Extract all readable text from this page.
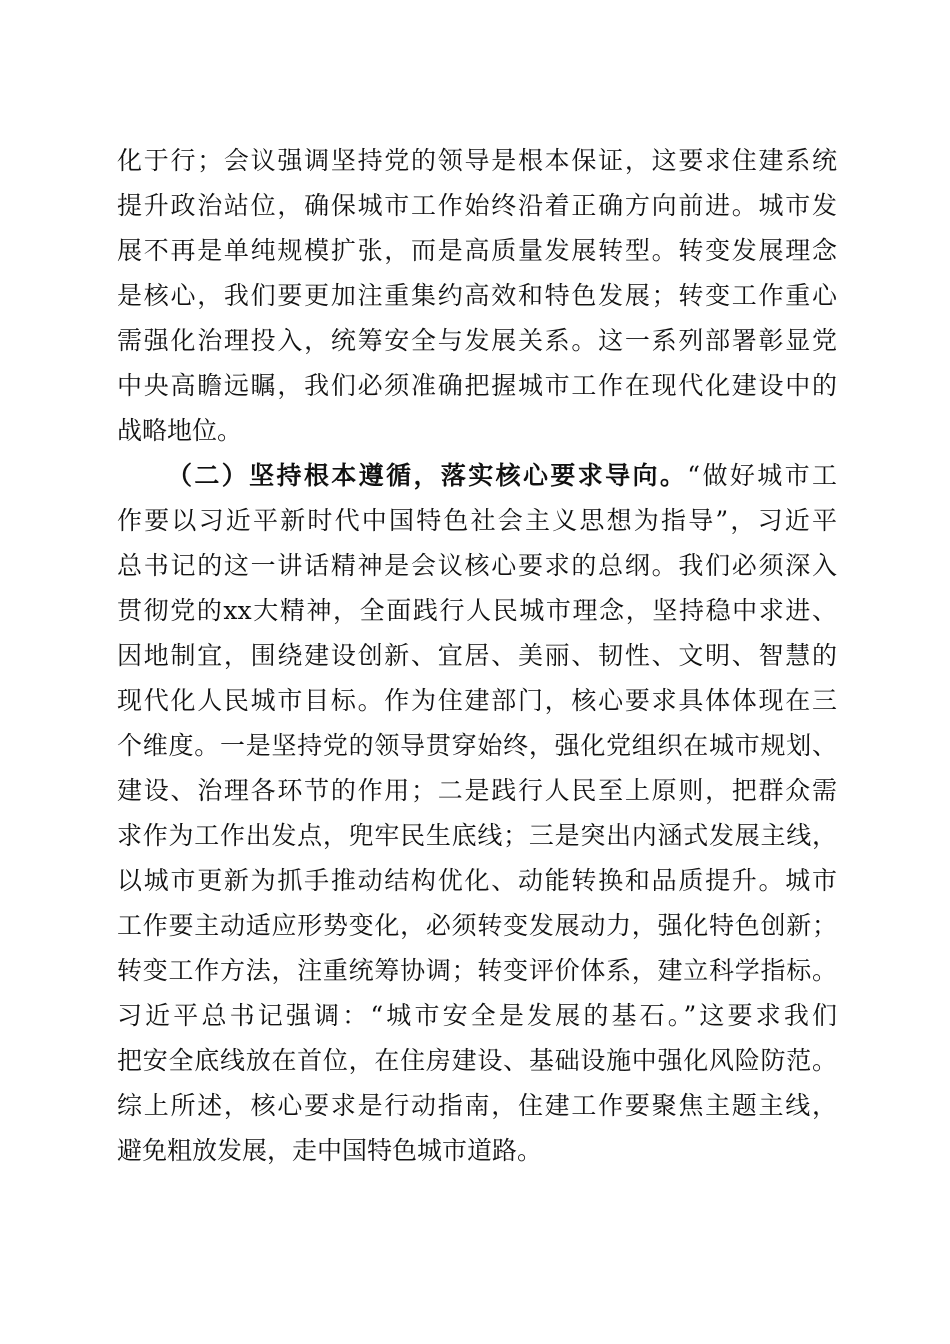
化于行；会议强调坚持党的领导是根本保证，这要求住建系统
提升政治站位，确保城市工作始终沿着正确方向前进。城市发
展不再是单纯规模扩张，而是高质量发展转型。转变发展理念
是核心，我们要更加注重集约高效和特色发展；转变工作重心
需强化治理投入，统筹安全与发展关系。这一系列部署彰显党
中央高瞻远瞩，我们必须准确把握城市工作在现代化建设中的
战略地位。
（二）坚持根本遵循，落实核心要求导向。“做好城市工
作要以习近平新时代中国特色社会主义思想为指导”，习近平
总书记的这一讲话精神是会议核心要求的总纲。我们必须深入
贯彻党的xx大精神，全面践行人民城市理念，坚持稳中求进、
因地制宜，围绕建设创新、宜居、美丽、韧性、文明、智慧的
现代化人民城市目标。作为住建部门，核心要求具体体现在三
个维度。一是坚持党的领导贯穿始终，强化党组织在城市规划、
建设、治理各环节的作用；二是践行人民至上原则，把群众需
求作为工作出发点，兜牢民生底线；三是突出内涵式发展主线，
以城市更新为抓手推动结构优化、动能转换和品质提升。城市
工作要主动适应形势变化，必须转变发展动力，强化特色创新；
转变工作方法，注重统筹协调；转变评价体系，建立科学指标。
习近平总书记强调：“城市安全是发展的基石。”这要求我们
把安全底线放在首位，在住房建设、基础设施中强化风险防范。
综上所述，核心要求是行动指南，住建工作要聚焦主题主线，
避免粗放发展，走中国特色城市道路。
